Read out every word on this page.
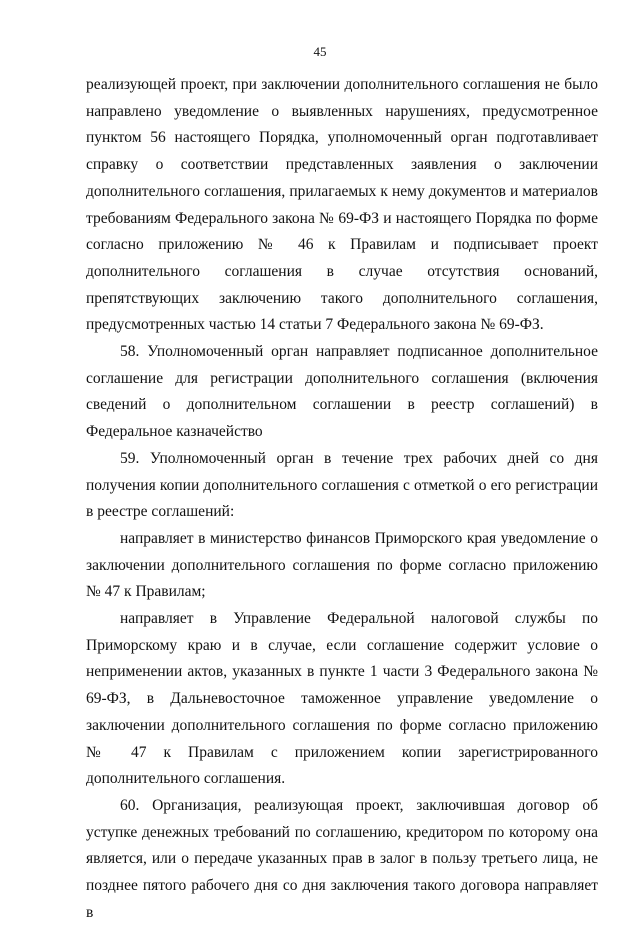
45

реализующей проект, при заключении дополнительного соглашения не было направлено уведомление о выявленных нарушениях, предусмотренное пунктом 56 настоящего Порядка, уполномоченный орган подготавливает справку о соответствии представленных заявления о заключении дополнительного соглашения, прилагаемых к нему документов и материалов требованиям Федерального закона № 69-ФЗ и настоящего Порядка по форме согласно приложению № 46 к Правилам и подписывает проект дополнительного соглашения в случае отсутствия оснований, препятствующих заключению такого дополнительного соглашения, предусмотренных частью 14 статьи 7 Федерального закона № 69-ФЗ.

58. Уполномоченный орган направляет подписанное дополнительное соглашение для регистрации дополнительного соглашения (включения сведений о дополнительном соглашении в реестр соглашений) в Федеральное казначейство

59. Уполномоченный орган в течение трех рабочих дней со дня получения копии дополнительного соглашения с отметкой о его регистрации в реестре соглашений:

направляет в министерство финансов Приморского края уведомление о заключении дополнительного соглашения по форме согласно приложению № 47 к Правилам;

направляет в Управление Федеральной налоговой службы по Приморскому краю и в случае, если соглашение содержит условие о неприменении актов, указанных в пункте 1 части 3 Федерального закона № 69-ФЗ, в Дальневосточное таможенное управление уведомление о заключении дополнительного соглашения по форме согласно приложению № 47 к Правилам с приложением копии зарегистрированного дополнительного соглашения.

60. Организация, реализующая проект, заключившая договор об уступке денежных требований по соглашению, кредитором по которому она является, или о передаче указанных прав в залог в пользу третьего лица, не позднее пятого рабочего дня со дня заключения такого договора направляет в
